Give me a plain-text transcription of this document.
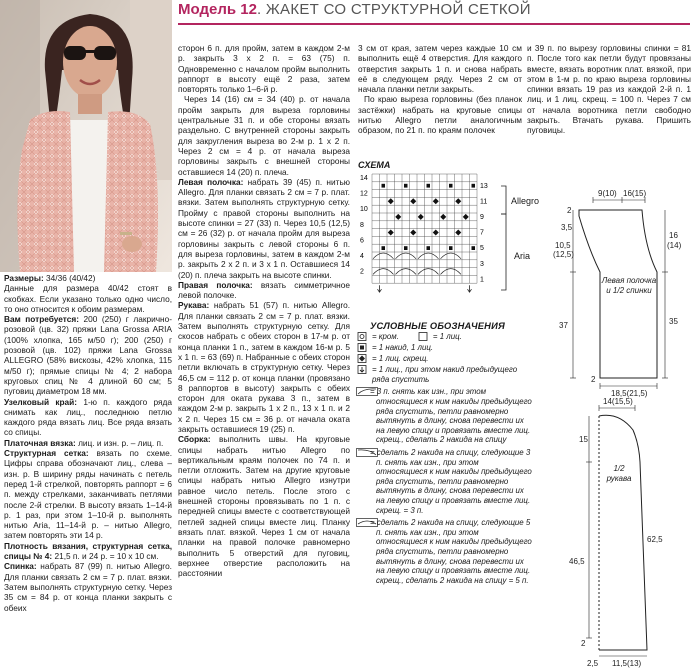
Модель 12. ЖАКЕТ СО СТРУКТУРНОЙ СЕТКОЙ

Размеры: 34/36 (40/42)

Данные для размера 40/42 стоят в скобках. Если указано только одно число, то оно относится к обоим размерам.

Вам потребуется: 200 (250) г лакрично-розовой (цв. 32) пряжи Lana Grossa ARIA (100% хлопка, 165 м/50 г); 200 (250) г розовой (цв. 102) пряжи Lana Grossa ALLEGRO (58% вискозы, 42% хлопка, 115 м/50 г); прямые спицы № 4; 2 набора круговых спиц № 4 длиной 60 см; 5 пуговиц диаметром 18 мм.

Узелковый край: 1-ю п. каждого ряда снимать как лиц., последнюю петлю каждого ряда вязать лиц. Все ряда вязать со спицы.

Платочная вязка: лиц. и изн. р. – лиц. п.

Структурная сетка: вязать по схеме. Цифры справа обозначают лиц., слева – изн. р. В ширину ряды начинать с петель перед 1-й стрелкой, повторять раппорт = 6 п. между стрелками, заканчивать петлями после 2-й стрелки. В высоту вязать 1–14-й р. 1 раз, при этом 1–10-й р. выполнять нитью Aria, 11–14-й р. – нитью Allegro, затем повторять эти 14 р.

Плотность вязания, структурная сетка, спицы № 4: 21,5 п. и 24 р. = 10 х 10 см.

Спинка: набрать 87 (99) п. нитью Allegro. Для планки связать 2 см = 7 р. плат. вязки. Затем выполнять структурную сетку. Через 35 см = 84 р. от конца планки закрыть с обеих

сторон 6 п. для пройм, затем в каждом 2-м р. закрыть 3 х 2 п. = 63 (75) п. Одновременно с началом пройм выполнить раппорт в высоту ещё 2 раза, затем повторять только 1–6-й р.

Через 14 (16) см = 34 (40) р. от начала пройм закрыть для выреза горловины центральные 31 п. и обе стороны вязать раздельно. С внутренней стороны закрыть для закругления выреза во 2-м р. 1 х 2 п. Через 2 см = 4 р. от начала выреза горловины закрыть с внешней стороны оставшиеся 14 (20) п. плеча.

Левая полочка: набрать 39 (45) п. нитью Allegro. Для планки связать 2 см = 7 р. плат. вязки. Затем выполнять структурную сетку. Пройму с правой стороны выполнить на высоте спинки = 27 (33) п. Через 10,5 (12,5) см = 26 (32) р. от начала пройм для выреза горловины закрыть с левой стороны 6 п. для выреза горловины, затем в каждом 2-м р. закрыть 2 х 2 п. и 3 х 1 п. Оставшиеся 14 (20) п. плеча закрыть на высоте спинки.

Правая полочка: вязать симметричное левой полочке.

Рукава: набрать 51 (57) п. нитью Allegro. Для планки связать 2 см = 7 р. плат. вязки. Затем выполнять структурную сетку. Для скосов набрать с обеих сторон в 17-м р. от конца планки 1 п., затем в каждом 16-м р. 5 х 1 п. = 63 (69) п. Набранные с обеих сторон петли включать в структурную сетку. Через 46,5 см = 112 р. от конца планки (провязано 8 раппортов в высоту) закрыть с обеих сторон для оката рукава 3 п., затем в каждом 2-м р. закрыть 1 х 2 п., 13 х 1 п. и 2 х 2 п. Через 15 см = 36 р. от начала оката закрыть оставшиеся 19 (25) п.

Сборка: выполнить швы. На круговые спицы набрать нитью Allegro по вертикальным краям полочек по 74 п. и петли отложить. Затем на другие круговые спицы набрать нитью Allegro изнутри равное число петель. После этого с внешней стороны провязывать по 1 п. с передней спицы вместе с соответствующей петлей задней спицы вместе лиц. Планку вязать плат. вязкой. Через 1 см от начала планки на правой полочке равномерно выполнить 5 отверстий для пуговиц, верхнее отверстие расположить на расстоянии

3 см от края, затем через каждые 10 см выполнить ещё 4 отверстия. Для каждого отверстия закрыть 1 п. и снова набрать её в следующем ряду. Через 2 см от начала планки петли закрыть.

По краю выреза горловины (без планок застёжки) набрать на круговые спицы нитью Allegro петли аналогичным образом, по 21 п. по краям полочек

и 39 п. по вырезу горловины спинки = 81 п. После того как петли будут провязаны вместе, вязать воротник плат. вязкой, при этом в 1-м р. по краю выреза горловины спинки вязать 19 раз из каждой 2-й п. 1 лиц. и 1 лиц. скрещ. = 100 п. Через 7 см от начала воротника петли свободно закрыть. Втачать рукава. Пришить пуговицы.

СХЕМА
13
11
9
7
5
3
1
14
12
10
8
6
4
2
Allegro
Aria
УСЛОВНЫЕ ОБОЗНАЧЕНИЯ
= кром.	= 1 лиц.
= 1 накид, 1 лиц.
= 1 лиц. скрещ.
= 1 лиц., при этом накид предыдущего ряда спустить
= 3 п. снять как изн., при этом относящиеся к ним накиды предыдущего ряда спустить, петли равномерно вытянуть в длину, снова перевести их на левую спицу и провязать вместе лиц. скрещ., сделать 2 накида на спицу
= сделать 2 накида на спицу, следующие 3 п. снять как изн., при этом относящиеся к ним накиды предыдущего ряда спустить, петли равномерно вытянуть в длину, снова перевести их на левую спицу и провязать вместе лиц. скрещ. = 3 п.
= сделать 2 накида на спицу, следующие 5 п. снять как изн., при этом относящиеся к ним накиды предыдущего ряда спустить, петли равномерно вытянуть в длину, снова перевести их на левую спицу и провязать вместе лиц. скрещ., сделать 2 накида на спицу = 5 п.
16(15)
9(10)
2
3,5
10,5
(12,5)
16
(14)
37	35
18,5(21,5)
2
Левая полочка и 1/2 спинки
14(15,5)
15
62,5
46,5
2
11,5(13)
2,5
1/2 рукава
